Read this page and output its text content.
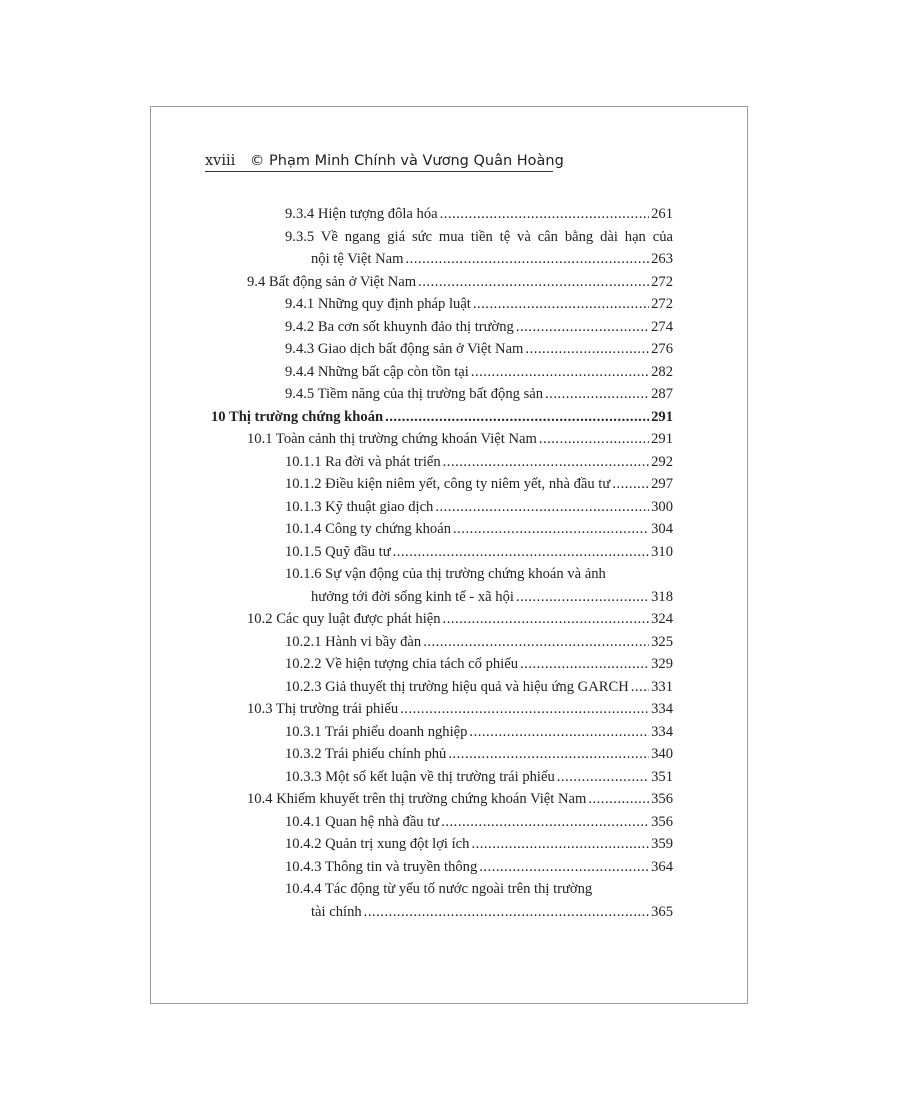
xviii © Phạm Minh Chính và Vương Quân Hoàng
9.3.4 Hiện tượng đôla hóa .....	261
9.3.5 Về ngang giá sức mua tiền tệ và cân bằng dài hạn của
nội tệ Việt Nam .....	263
9.4 Bất động sản ở Việt Nam .....	272
9.4.1 Những quy định pháp luật .....	272
9.4.2 Ba cơn sốt khuynh đảo thị trường .....	274
9.4.3 Giao dịch bất động sản ở Việt Nam .....	276
9.4.4 Những bất cập còn tồn tại .....	282
9.4.5 Tiềm năng của thị trường bất động sản .....	287
10 Thị trường chứng khoán .....	291
10.1 Toàn cảnh thị trường chứng khoán Việt Nam .....	291
10.1.1 Ra đời và phát triển .....	292
10.1.2 Điều kiện niêm yết, công ty niêm yết, nhà đầu tư .....	297
10.1.3 Kỹ thuật giao dịch .....	300
10.1.4 Công ty chứng khoán .....	304
10.1.5 Quỹ đầu tư .....	310
10.1.6 Sự vận động của thị trường chứng khoán và ảnh
hưởng tới đời sống kinh tế - xã hội .....	318
10.2 Các quy luật được phát hiện .....	324
10.2.1 Hành vi bầy đàn .....	325
10.2.2 Về hiện tượng chia tách cổ phiếu .....	329
10.2.3 Giả thuyết thị trường hiệu quả và hiệu ứng GARCH ..... 331
10.3 Thị trường trái phiếu .....	334
10.3.1 Trái phiếu doanh nghiệp .....	334
10.3.2 Trái phiếu chính phủ .....	340
10.3.3 Một số kết luận về thị trường trái phiếu .....	351
10.4 Khiếm khuyết trên thị trường chứng khoán Việt Nam .....	356
10.4.1 Quan hệ nhà đầu tư .....	356
10.4.2 Quản trị xung đột lợi ích .....	359
10.4.3 Thông tin và truyền thông .....	364
10.4.4 Tác động từ yếu tố nước ngoài trên thị trường
tài chính .....	365
